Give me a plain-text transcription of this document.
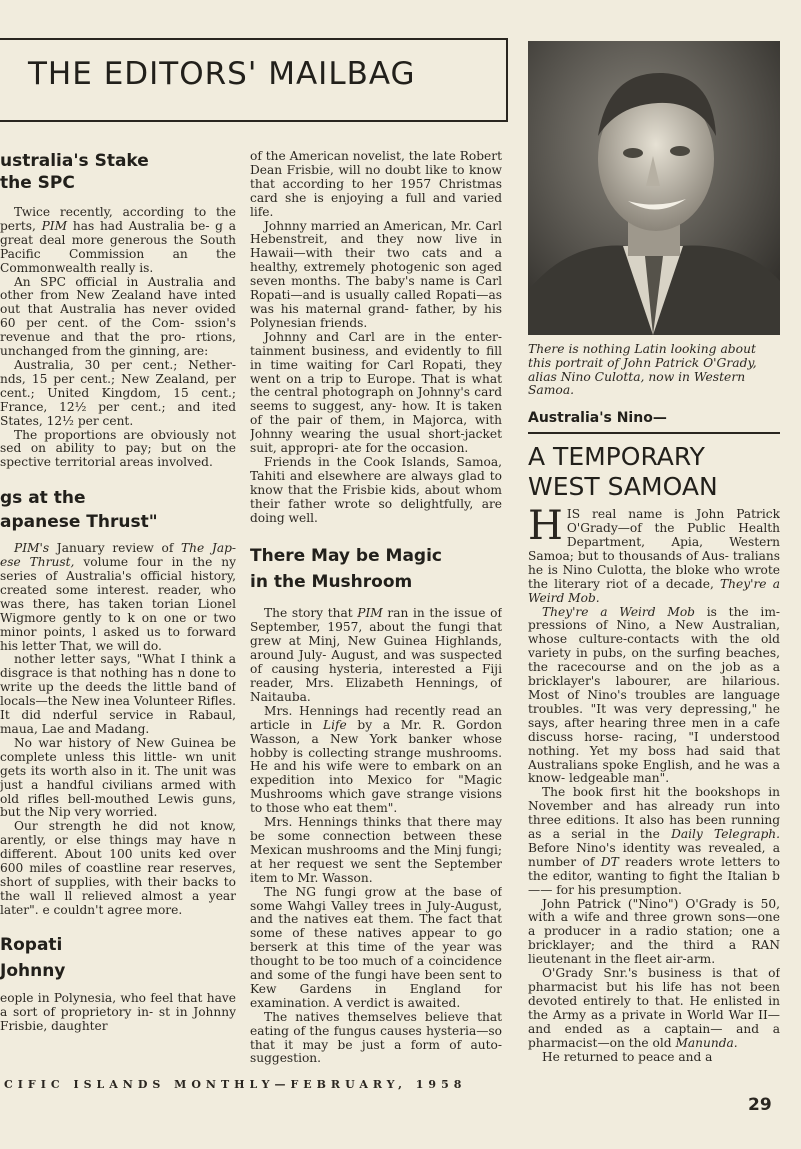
THE EDITORS' MAILBAG
ustralia's Stake
the SPC

Twice recently, according to the perts, PIM has had Australia be- g a great deal more generous the South Pacific Commission an the Commonwealth really is.

An SPC official in Australia and other from New Zealand have inted out that Australia has never ovided 60 per cent. of the Com- ssion's revenue and that the pro- rtions, unchanged from the ginning, are:

Australia, 30 per cent.; Nether- nds, 15 per cent.; New Zealand, per cent.; United Kingdom, 15 cent.; France, 12½ per cent.; and ited States, 12½ per cent.

The proportions are obviously not sed on ability to pay; but on the spective territorial areas involved.

gs at the
apanese Thrust"

PIM's January review of The Jap- ese Thrust, volume four in the ny series of Australia's official history, created some interest. reader, who was there, has taken torian Lionel Wigmore gently to k on one or two minor points, l asked us to forward his letter That, we will do.

nother letter says, "What I think a disgrace is that nothing has n done to write up the deeds the little band of locals—the New inea Volunteer Rifles. It did nderful service in Rabaul, maua, Lae and Madang.

No war history of New Guinea be complete unless this little- wn unit gets its worth also in it. The unit was just a handful civilians armed with old rifles bell-mouthed Lewis guns, but the Nip very worried.

Our strength he did not know, arently, or else things may have n different. About 100 units ked over 600 miles of coastline rear reserves, short of supplies, with their backs to the wall ll relieved almost a year later". e couldn't agree more.

Ropati
Johnny

eople in Polynesia, who feel that have a sort of proprietory in- st in Johnny Frisbie, daughter

of the American novelist, the late Robert Dean Frisbie, will no doubt like to know that according to her 1957 Christmas card she is enjoying a full and varied life.

Johnny married an American, Mr. Carl Hebenstreit, and they now live in Hawaii—with their two cats and a healthy, extremely photogenic son aged seven months. The baby's name is Carl Ropati—and is usually called Ropati—as was his maternal grand- father, by his Polynesian friends.

Johnny and Carl are in the enter- tainment business, and evidently to fill in time waiting for Carl Ropati, they went on a trip to Europe. That is what the central photograph on Johnny's card seems to suggest, any- how. It is taken of the pair of them, in Majorca, with Johnny wearing the usual short-jacket suit, appropri- ate for the occasion.

Friends in the Cook Islands, Samoa, Tahiti and elsewhere are always glad to know that the Frisbie kids, about whom their father wrote so delightfully, are doing well.

There May be Magic
in the Mushroom

The story that PIM ran in the issue of September, 1957, about the fungi that grew at Minj, New Guinea Highlands, around July- August, and was suspected of causing hysteria, interested a Fiji reader, Mrs. Elizabeth Hennings, of Naitauba.

Mrs. Hennings had recently read an article in Life by a Mr. R. Gordon Wasson, a New York banker whose hobby is collecting strange mushrooms. He and his wife were to embark on an expedition into Mexico for "Magic Mushrooms which gave strange visions to those who eat them".

Mrs. Hennings thinks that there may be some connection between these Mexican mushrooms and the Minj fungi; at her request we sent the September item to Mr. Wasson.

The NG fungi grow at the base of some Wahgi Valley trees in July-August, and the natives eat them. The fact that some of these natives appear to go berserk at this time of the year was thought to be too much of a coincidence and some of the fungi have been sent to Kew Gardens in England for examination. A verdict is awaited.

The natives themselves believe that eating of the fungus causes hysteria—so that it may be just a form of auto-suggestion.

There is nothing Latin looking about this portrait of John Patrick O'Grady, alias Nino Culotta, now in Western Samoa.
Australia's Nino—
A TEMPORARY
WEST SAMOAN

HIS real name is John Patrick O'Grady—of the Public Health Department, Apia, Western Samoa; but to thousands of Aus- tralians he is Nino Culotta, the bloke who wrote the literary riot of a decade, They're a Weird Mob.

They're a Weird Mob is the im- pressions of Nino, a New Australian, whose culture-contacts with the old variety in pubs, on the surfing beaches, the racecourse and on the job as a bricklayer's labourer, are hilarious. Most of Nino's troubles are language troubles. "It was very depressing," he says, after hearing three men in a cafe discuss horse- racing, "I understood nothing. Yet my boss had said that Australians spoke English, and he was a know- ledgeable man".

The book first hit the bookshops in November and has already run into three editions. It also has been running as a serial in the Daily Telegraph. Before Nino's identity was revealed, a number of DT readers wrote letters to the editor, wanting to fight the Italian b—— for his presumption.

John Patrick ("Nino") O'Grady is 50, with a wife and three grown sons—one a producer in a radio station; one a bricklayer; and the third a RAN lieutenant in the fleet air-arm.

O'Grady Snr.'s business is that of pharmacist but his life has not been devoted entirely to that. He enlisted in the Army as a private in World War II—and ended as a captain— and a pharmacist—on the old Manunda.

He returned to peace and a

CIFIC ISLANDS MONTHLY—FEBRUARY, 1958
29
